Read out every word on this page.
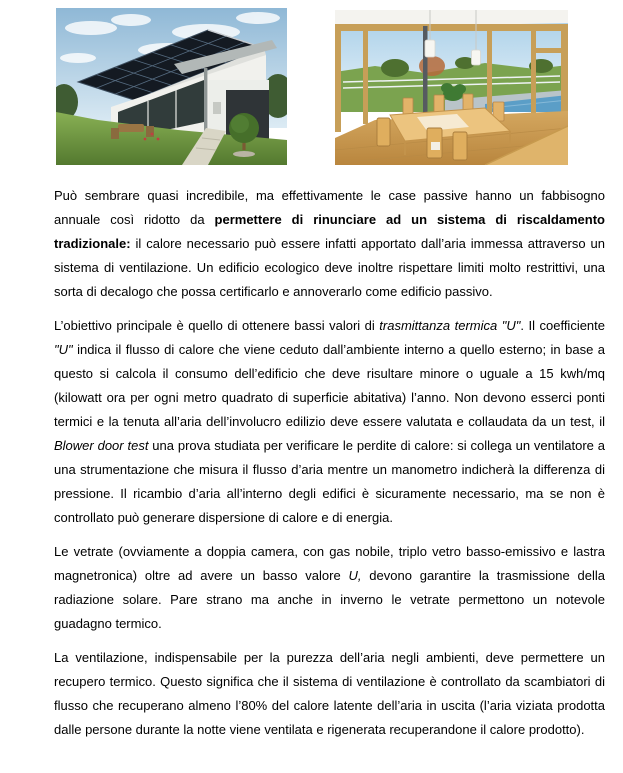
Può sembrare quasi incredibile, ma effettivamente le case passive hanno un fabbisogno annuale così ridotto da permettere di rinunciare ad un sistema di riscaldamento tradizionale: il calore necessario può essere infatti apportato dall’aria immessa attraverso un sistema di ventilazione. Un edificio ecologico deve inoltre rispettare limiti molto restrittivi, una sorta di decalogo che possa certificarlo e annoverarlo come edificio passivo.

L’obiettivo principale è quello di ottenere bassi valori di trasmittanza termica "U". Il coefficiente "U" indica il flusso di calore che viene ceduto dall’ambiente interno a quello esterno; in base a questo si calcola il consumo dell’edificio che deve risultare minore o uguale a 15 kwh/mq (kilowatt ora per ogni metro quadrato di superficie abitativa) l’anno. Non devono esserci ponti termici e la tenuta all’aria dell’involucro edilizio deve essere valutata e collaudata da un test, il Blower door test una prova studiata per verificare le perdite di calore: si collega un ventilatore a una strumentazione che misura il flusso d’aria mentre un manometro indicherà la differenza di pressione. Il ricambio d’aria all’interno degli edifici è sicuramente necessario, ma se non è controllato può generare dispersione di calore e di energia.

Le vetrate (ovviamente a doppia camera, con gas nobile, triplo vetro basso-emissivo e lastra magnetronica) oltre ad avere un basso valore U, devono garantire la trasmissione della radiazione solare. Pare strano ma anche in inverno le vetrate permettono un notevole guadagno termico.

La ventilazione, indispensabile per la purezza dell’aria negli ambienti, deve permettere un recupero termico. Questo significa che il sistema di ventilazione è controllato da scambiatori di flusso che recuperano almeno l’80% del calore latente dell’aria in uscita (l’aria viziata prodotta dalle persone durante la notte viene ventilata e rigenerata recuperandone il calore prodotto).
